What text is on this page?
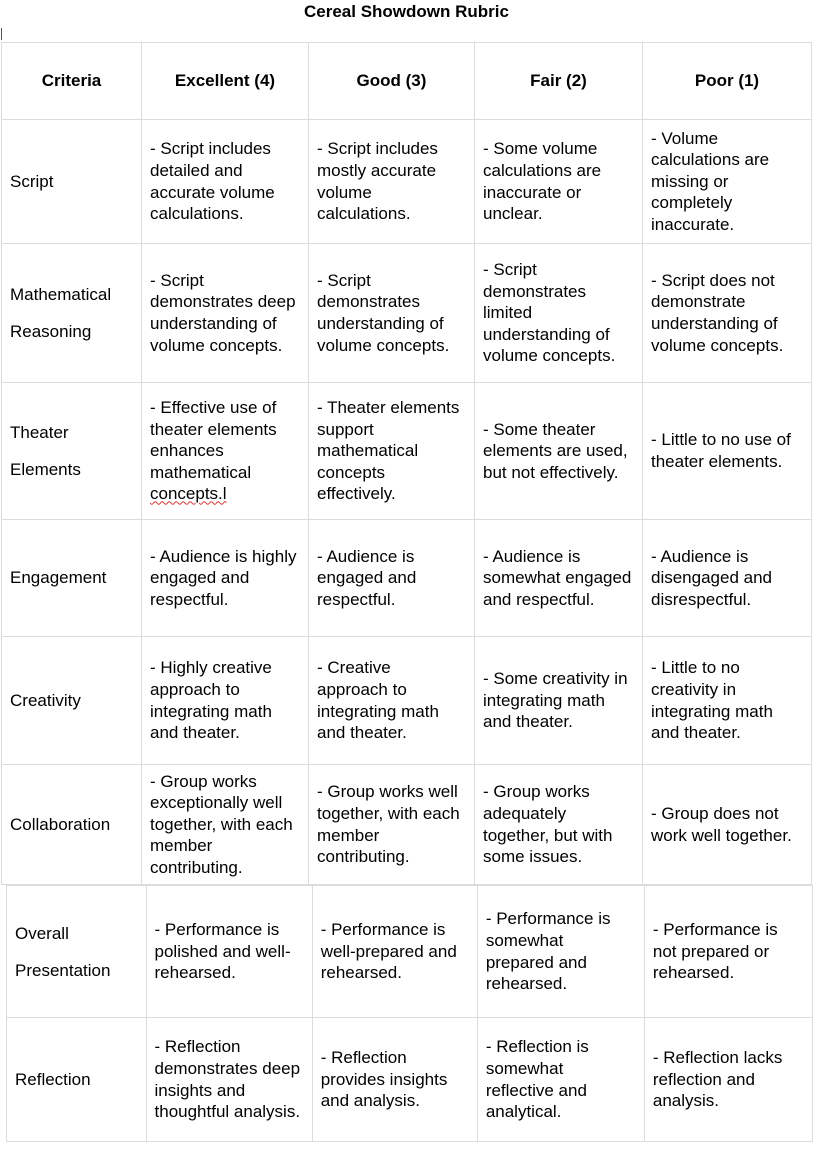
Cereal Showdown Rubric
Criteria	Excellent (4)	Good (3)	Fair (2)	Poor (1)
Script	- Script includes detailed and accurate volume calculations.	- Script includes mostly accurate volume calculations.	- Some volume calculations are inaccurate or unclear.	- Volume calculations are missing or completely inaccurate.
Mathematical Reasoning	- Script demonstrates deep understanding of volume concepts.	- Script demonstrates understanding of volume concepts.	- Script demonstrates limited understanding of volume concepts.	- Script does not demonstrate understanding of volume concepts.
Theater Elements	- Effective use of theater elements enhances mathematical concepts.l	- Theater elements support mathematical concepts effectively.	- Some theater elements are used, but not effectively.	- Little to no use of theater elements.
Engagement	- Audience is highly engaged and respectful.	- Audience is engaged and respectful.	- Audience is somewhat engaged and respectful.	- Audience is disengaged and disrespectful.
Creativity	- Highly creative approach to integrating math and theater.	- Creative approach to integrating math and theater.	- Some creativity in integrating math and theater.	- Little to no creativity in integrating math and theater.
Collaboration	- Group works exceptionally well together, with each member contributing.	- Group works well together, with each member contributing.	- Group works adequately together, but with some issues.	- Group does not work well together.
Overall Presentation	- Performance is polished and well-rehearsed.	- Performance is well-prepared and rehearsed.	- Performance is somewhat prepared and rehearsed.	- Performance is not prepared or rehearsed.
Reflection	- Reflection demonstrates deep insights and thoughtful analysis.	- Reflection provides insights and analysis.	- Reflection is somewhat reflective and analytical.	- Reflection lacks reflection and analysis.
